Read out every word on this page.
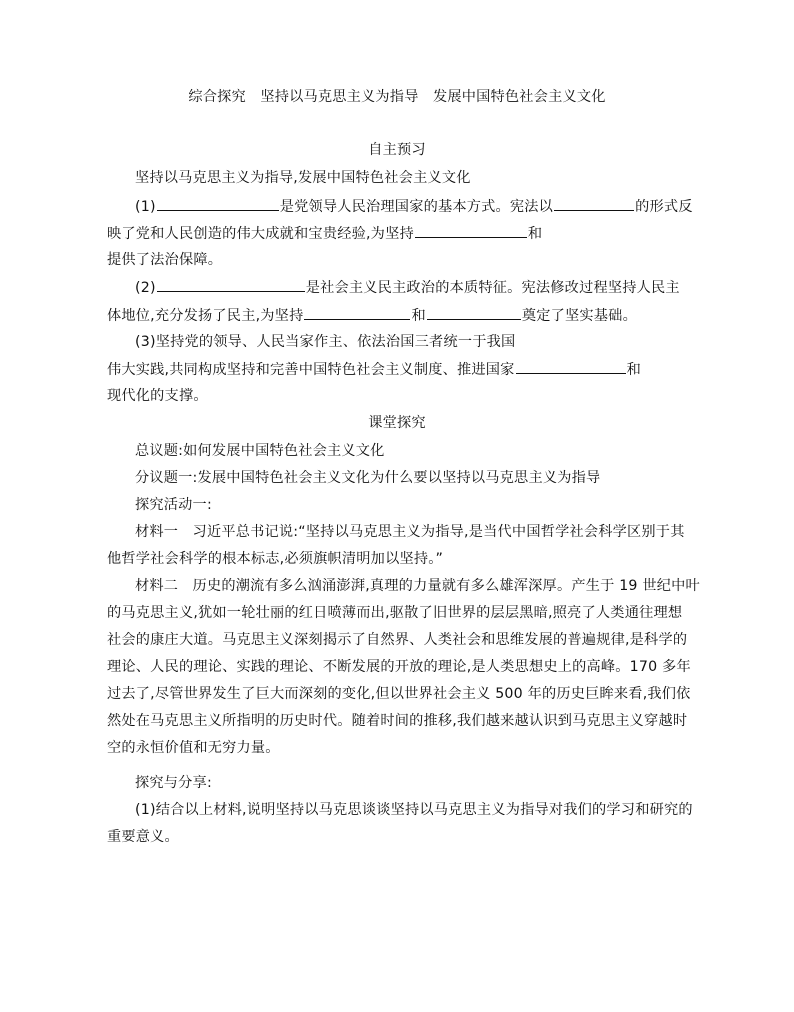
综合探究　坚持以马克思主义为指导　发展中国特色社会主义文化
自主预习
坚持以马克思主义为指导,发展中国特色社会主义文化
(1)	是党领导人民治理国家的基本方式。宪法以	的形式反
映了党和人民创造的伟大成就和宝贵经验,为坚持	和
提供了法治保障。
(2)	是社会主义民主政治的本质特征。宪法修改过程坚持人民主
体地位,充分发扬了民主,为坚持	和	奠定了坚实基础。
(3)坚持党的领导、人民当家作主、依法治国三者统一于我国
伟大实践,共同构成坚持和完善中国特色社会主义制度、推进国家	和
现代化的支撑。
课堂探究
总议题:如何发展中国特色社会主义文化
分议题一:发展中国特色社会主义文化为什么要以坚持以马克思主义为指导
探究活动一:
材料一　习近平总书记说:“坚持以马克思主义为指导,是当代中国哲学社会科学区别于其
他哲学社会科学的根本标志,必须旗帜清明加以坚持。”
材料二　历史的潮流有多么汹涌澎湃,真理的力量就有多么雄浑深厚。产生于 19 世纪中叶
的马克思主义,犹如一轮壮丽的红日喷薄而出,驱散了旧世界的层层黑暗,照亮了人类通往理想
社会的康庄大道。马克思主义深刻揭示了自然界、人类社会和思维发展的普遍规律,是科学的
理论、人民的理论、实践的理论、不断发展的开放的理论,是人类思想史上的高峰。170 多年
过去了,尽管世界发生了巨大而深刻的变化,但以世界社会主义 500 年的历史巨眸来看,我们依
然处在马克思主义所指明的历史时代。随着时间的推移,我们越来越认识到马克思主义穿越时
空的永恒价值和无穷力量。
探究与分享:
(1)结合以上材料,说明坚持以马克思谈谈坚持以马克思主义为指导对我们的学习和研究的
重要意义。
